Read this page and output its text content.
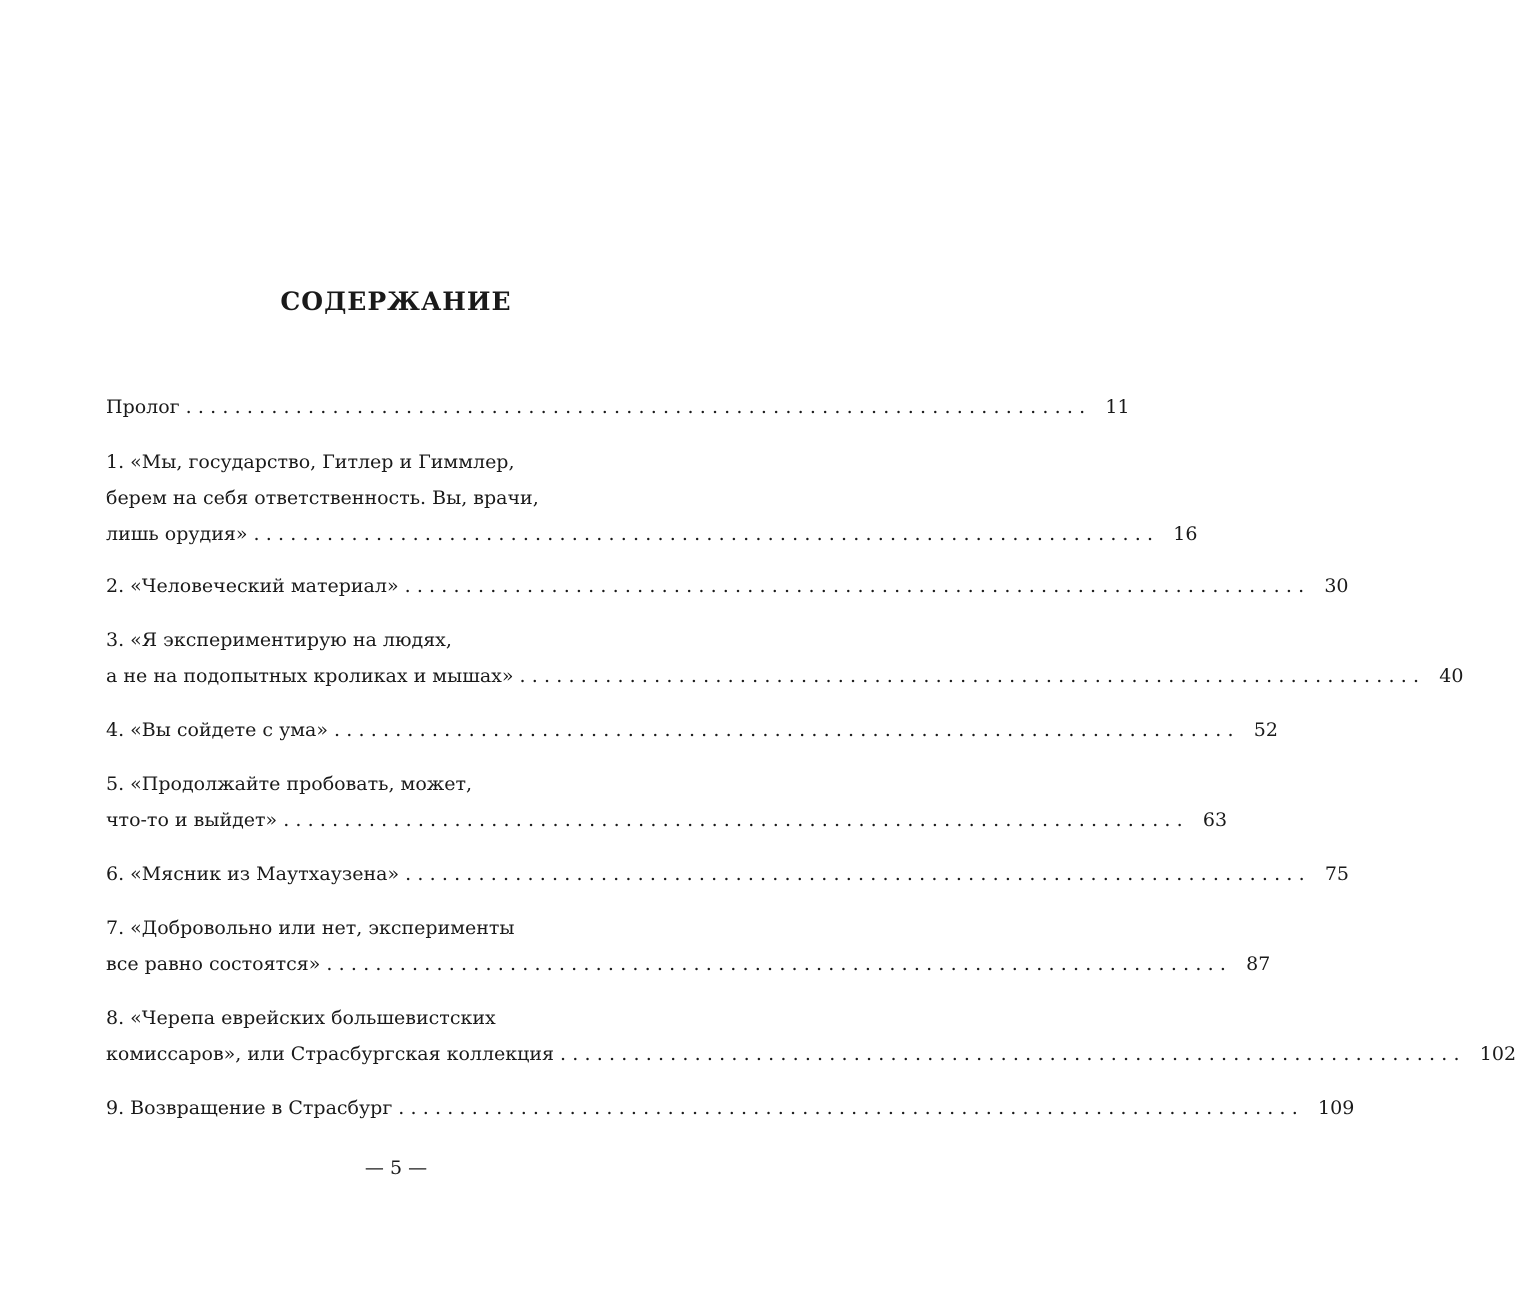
СОДЕРЖАНИЕ
Пролог .......................................................................... 11
1. «Мы, государство, Гитлер и Гиммлер,
берем на себя ответственность. Вы, врачи,
лишь орудия» .......................................................................... 16
2. «Человеческий материал» .......................................................................... 30
3. «Я экспериментирую на людях,
а не на подопытных кроликах и мышах» .......................................................................... 40
4. «Вы сойдете с ума» .......................................................................... 52
5. «Продолжайте пробовать, может,
что-то и выйдет» .......................................................................... 63
6. «Мясник из Маутхаузена» .......................................................................... 75
7. «Добровольно или нет, эксперименты
все равно состоятся» .......................................................................... 87
8. «Черепа еврейских большевистских
комиссаров», или Страсбургская коллекция .......................................................................... 102
9. Возвращение в Страсбург .......................................................................... 109
— 5 —
